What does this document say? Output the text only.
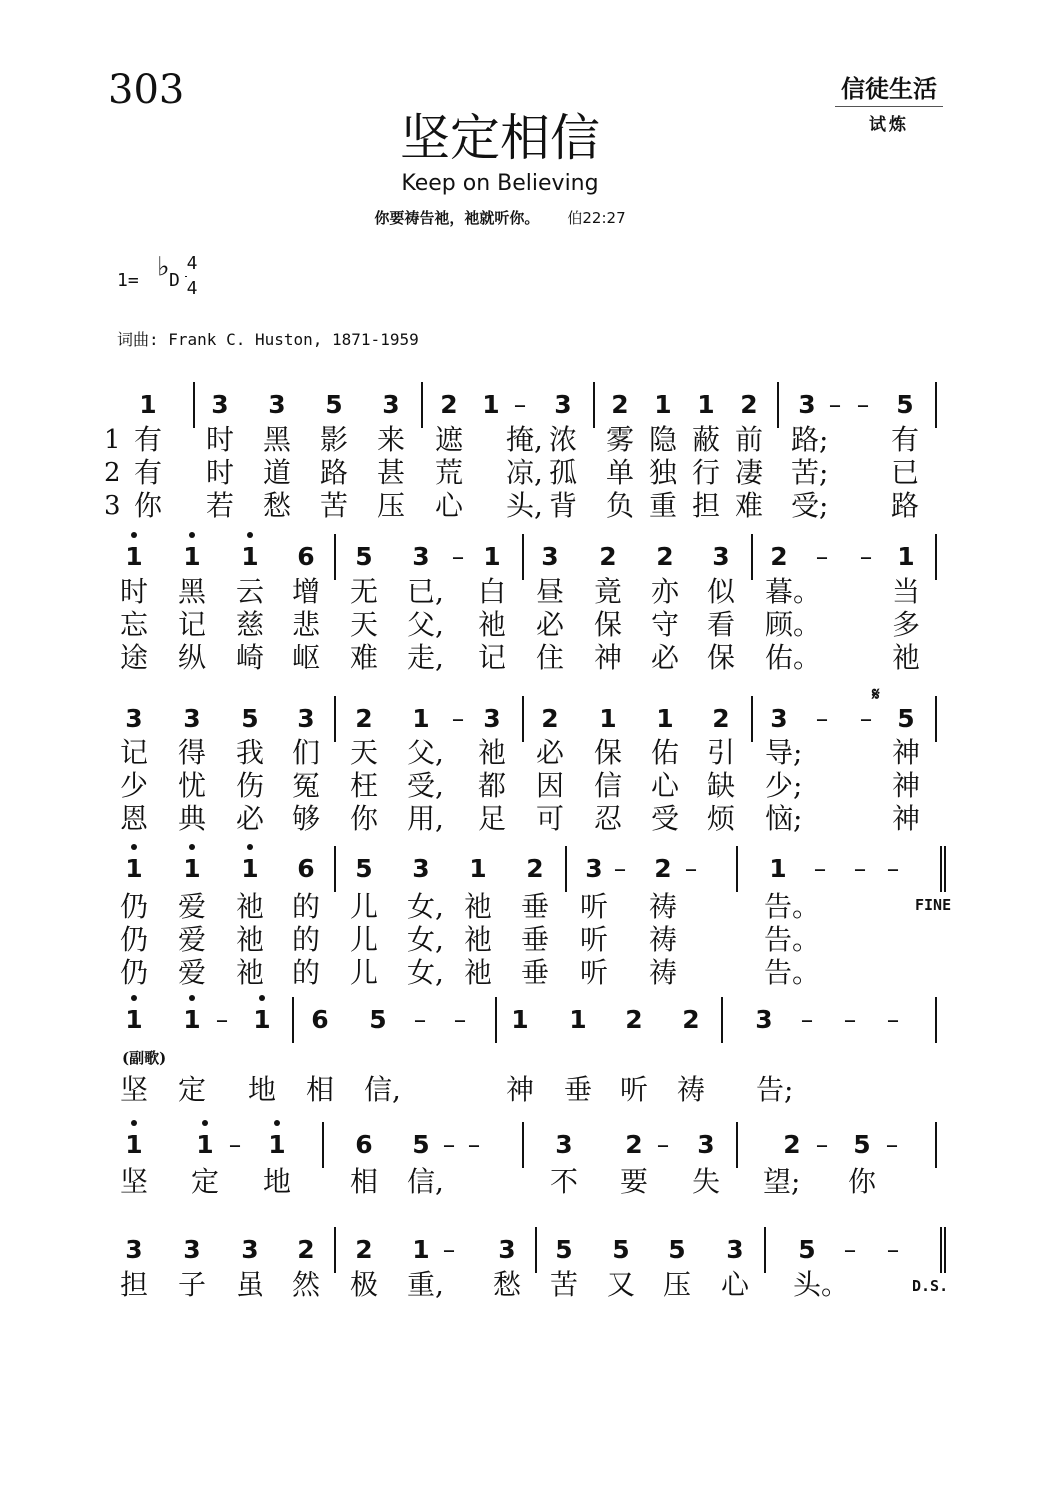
303	信徒生活
试炼
坚定相信
Keep on Believing
你要祷告祂，祂就听你。 伯22:27
1= ♭
D
4
4
词曲: Frank C. Huston, 1871-1959
1 3 3 5 3 2 1 –	3 2 1 1 2 3 – –	5
1 有 时 黑 影 来 遮 掩, 浓 雾 隐 蔽 前 路; 有
2 有 时 道 路 甚 荒 凉, 孤 单 独 行 凄 苦; 已
3 你 若 愁 苦 压 心 头, 背 负 重 担 难 受; 路
1 1 1 6 5 3 – 1 3 2 2 3 2	–	–	1
时 黑 云 增 无 已, 白 昼 竟 亦 似 暮。	当
忘 记 慈 悲 天 父, 祂 必 保 守 看 顾。	多
途 纵 崎 岖 难 走, 记 住 神 必 保 佑。	祂
3 3 5 3 2 1 – 3 2 1 1 2 3	–	–	5
记 得 我 们 天 父, 祂 必 保 佑 引 导;	神
少 忧 伤 冤 枉 受, 都 因 信 心 缺 少;	神
恩 典 必 够 你 用, 足 可 忍 受 烦 恼;	神
1 1 1 6 5 3 1 2 3 –	2 –	1	–	– –
仍 爱 祂 的 儿 女, 祂 垂 听 祷	告。
仍 爱 祂 的 儿 女, 祂 垂 听 祷	告。
仍 爱 祂 的 儿 女, 祂 垂 听 祷	告。
1 1 –	1 6 5	–	–	1 1 2 2 3	–	–	–
坚 定 地 相 信,	神 垂 听 祷 告;
1 1 –	1	6 5 – –	3 2 –	3	2 –	5 –
坚 定 地 相 信,	不 要 失 望; 你
3 3 3 2 2 1 –	3 5 5 5 3 5	–	–
担 子 虽 然 极 重, 愁 苦 又 压 心 头。
𝄋
FINE
(副歌)
D.S.
